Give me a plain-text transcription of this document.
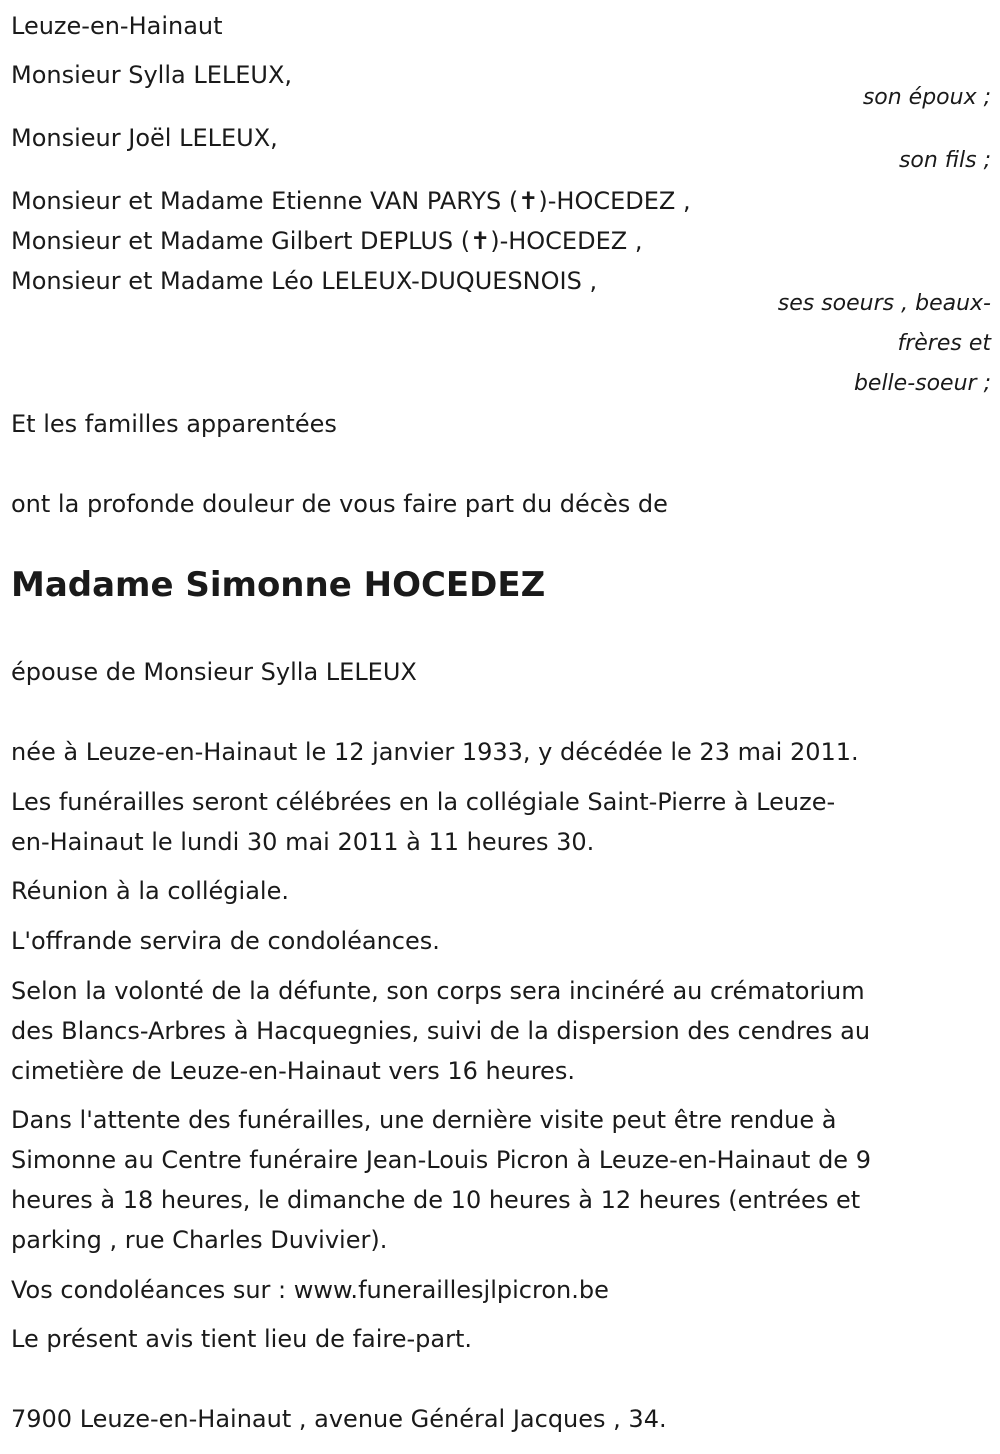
Leuze-en-Hainaut
Monsieur Sylla LELEUX,
son époux ;
Monsieur Joël LELEUX,
son fils ;
Monsieur et Madame Etienne VAN PARYS (✝)-HOCEDEZ ,
Monsieur et Madame Gilbert DEPLUS (✝)-HOCEDEZ ,
Monsieur et Madame Léo LELEUX-DUQUESNOIS ,
ses soeurs , beaux-
frères et
belle-soeur ;
Et les familles apparentées
ont la profonde douleur de vous faire part du décès de
Madame Simonne HOCEDEZ
épouse de Monsieur Sylla LELEUX
née à Leuze-en-Hainaut le 12 janvier 1933, y décédée le 23 mai 2011.
Les funérailles seront célébrées en la collégiale Saint-Pierre à Leuze-
en-Hainaut le lundi 30 mai 2011 à 11 heures 30.
Réunion à la collégiale.
L'offrande servira de condoléances.
Selon la volonté de la défunte, son corps sera incinéré au crématorium
des Blancs-Arbres à Hacquegnies, suivi de la dispersion des cendres au
cimetière de Leuze-en-Hainaut vers 16 heures.
Dans l'attente des funérailles, une dernière visite peut être rendue à
Simonne au Centre funéraire Jean-Louis Picron à Leuze-en-Hainaut de 9
heures à 18 heures, le dimanche de 10 heures à 12 heures (entrées et
parking , rue Charles Duvivier).
Vos condoléances sur : www.funeraillesjlpicron.be
Le présent avis tient lieu de faire-part.
7900 Leuze-en-Hainaut , avenue Général Jacques , 34.
